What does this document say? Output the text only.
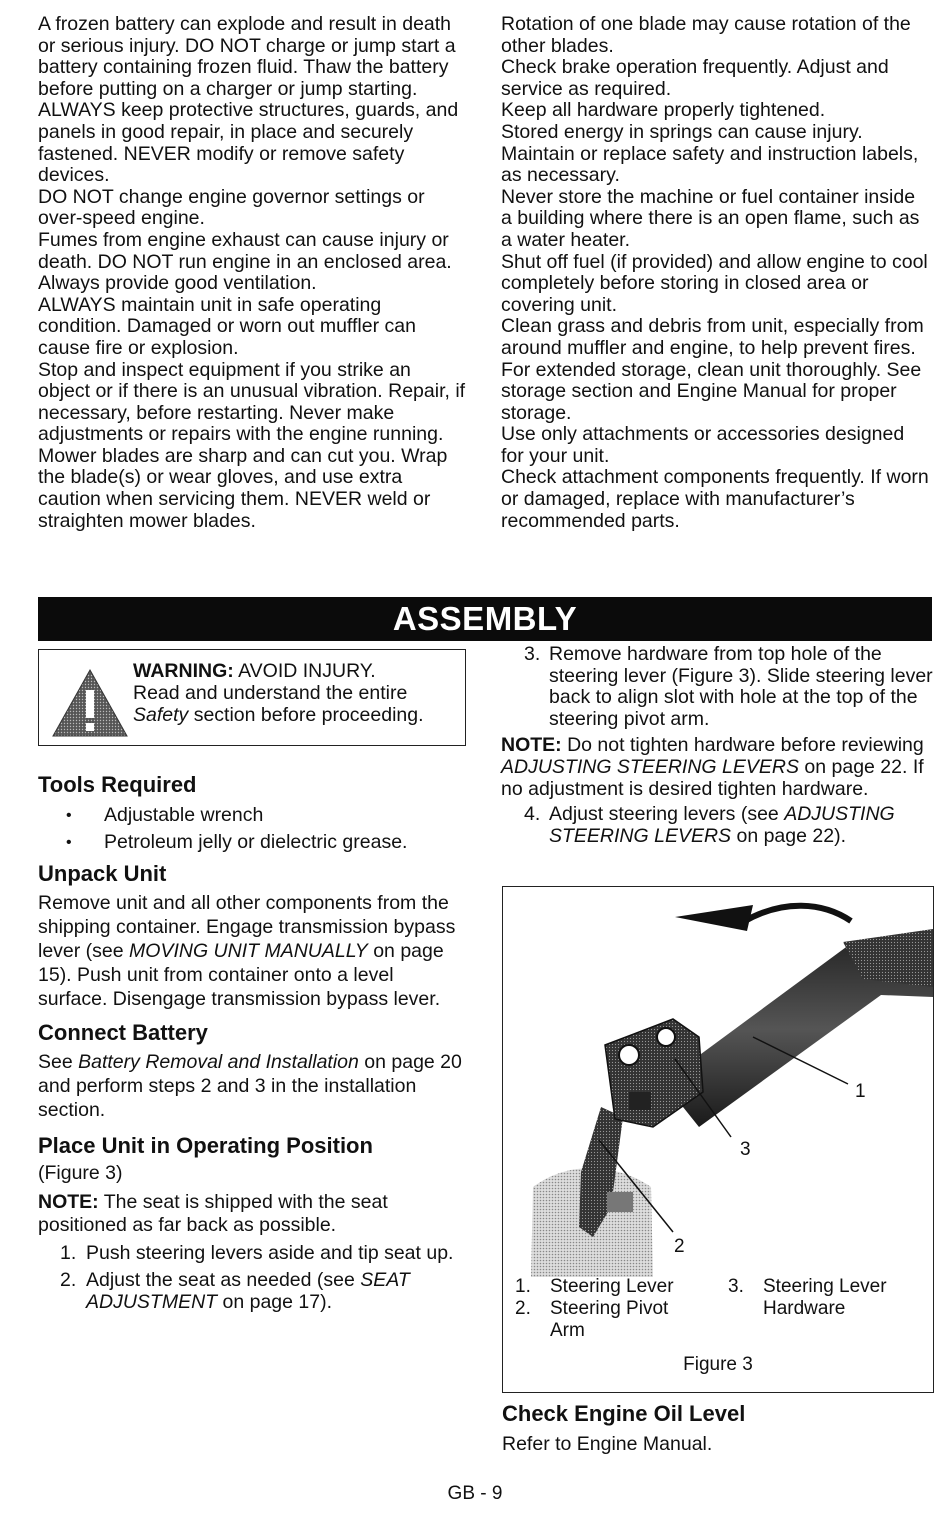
A frozen battery can explode and result in death or serious injury. DO NOT charge or jump start a battery containing frozen fluid. Thaw the battery before putting on a charger or jump starting.

ALWAYS keep protective structures, guards, and panels in good repair, in place and securely fastened. NEVER modify or remove safety devices.

DO NOT change engine governor settings or over-speed engine.

Fumes from engine exhaust can cause injury or death. DO NOT run engine in an enclosed area. Always provide good ventilation.

ALWAYS maintain unit in safe operating condition. Damaged or worn out muffler can cause fire or explosion.

Stop and inspect equipment if you strike an object or if there is an unusual vibration. Repair, if necessary, before restarting. Never make adjustments or repairs with the engine running.

Mower blades are sharp and can cut you. Wrap the blade(s) or wear gloves, and use extra caution when servicing them. NEVER weld or straighten mower blades.

Rotation of one blade may cause rotation of the other blades.

Check brake operation frequently. Adjust and service as required.

Keep all hardware properly tightened.

Stored energy in springs can cause injury.

Maintain or replace safety and instruction labels, as necessary.

Never store the machine or fuel container inside a building where there is an open flame, such as a water heater.

Shut off fuel (if provided) and allow engine to cool completely before storing in closed area or covering unit.

Clean grass and debris from unit, especially from around muffler and engine, to help prevent fires.

For extended storage, clean unit thoroughly. See storage section and Engine Manual for proper storage.

Use only attachments or accessories designed for your unit.

Check attachment components frequently. If worn or damaged, replace with manufacturer’s recommended parts.

ASSEMBLY
WARNING: AVOID INJURY.
Read and understand the entire
Safety section before proceeding.
Tools Required

• Adjustable wrench

• Petroleum jelly or dielectric grease.

Unpack Unit

Remove unit and all other components from the shipping container. Engage transmission bypass lever (see MOVING UNIT MANUALLY on page 15). Push unit from container onto a level surface. Disengage transmission bypass lever.

Connect Battery

See Battery Removal and Installation on page 20 and perform steps 2 and 3 in the installation section.

Place Unit in Operating Position

(Figure 3)

NOTE: The seat is shipped with the seat positioned as far back as possible.

1. Push steering levers aside and tip seat up.

2. Adjust the seat as needed (see SEAT ADJUSTMENT on page 17).

3. Remove hardware from top hole of the steering lever (Figure 3). Slide steering lever back to align slot with hole at the top of the steering pivot arm.

NOTE: Do not tighten hardware before reviewing ADJUSTING STEERING LEVERS on page 22. If no adjustment is desired tighten hardware.

4. Adjust steering levers (see ADJUSTING STEERING LEVERS on page 22).

1
3
2
1. Steering Lever
2. Steering Pivot
Arm
3. Steering Lever
Hardware
Figure 3
Check Engine Oil Level

Refer to Engine Manual.

GB - 9
